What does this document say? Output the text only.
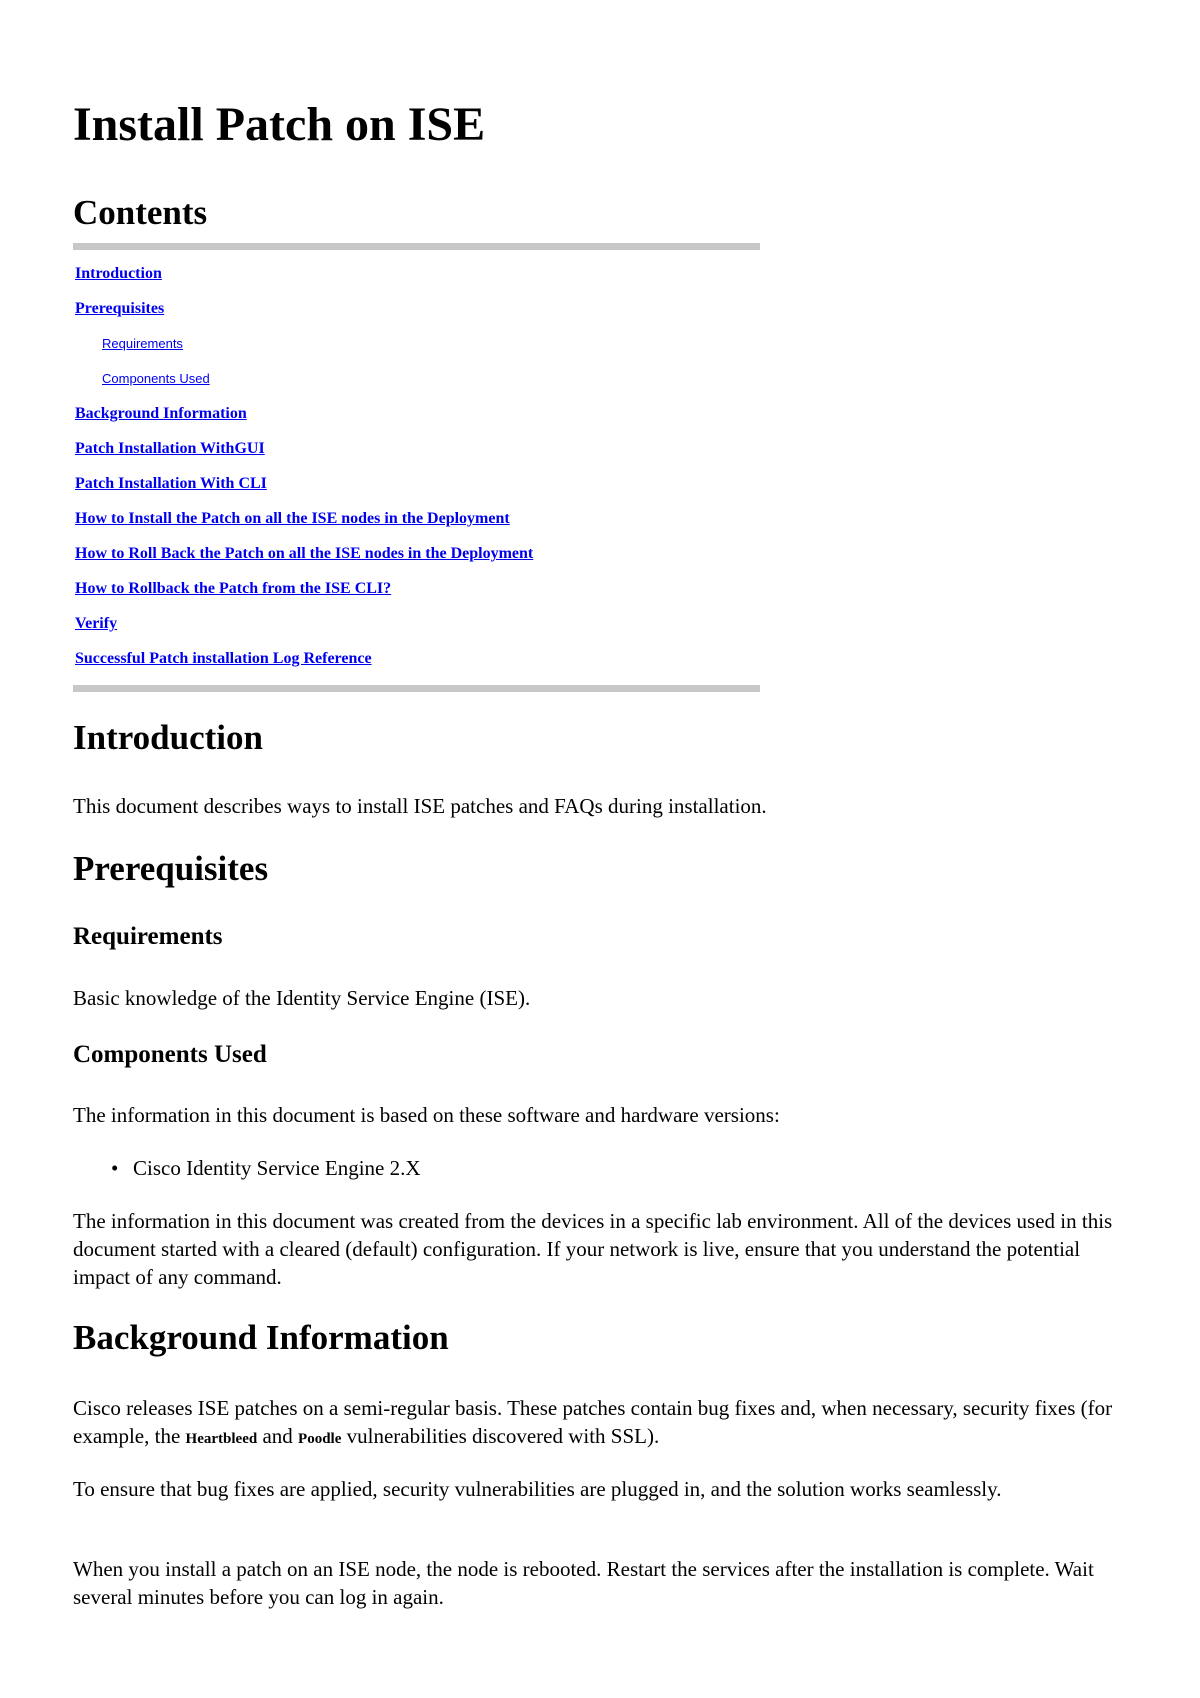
Install Patch on ISE
Contents
Introduction
Prerequisites
Requirements
Components Used
Background Information
Patch Installation WithGUI
Patch Installation With CLI
How to Install the Patch on all the ISE nodes in the Deployment
How to Roll Back the Patch on all the ISE nodes in the Deployment
How to Rollback the Patch from the ISE CLI?
Verify
Successful Patch installation Log Reference
Introduction

This document describes ways to install ISE patches and FAQs during installation.

Prerequisites
Requirements

Basic knowledge of the Identity Service Engine (ISE).

Components Used

The information in this document is based on these software and hardware versions:

• Cisco Identity Service Engine 2.X

The information in this document was created from the devices in a specific lab environment. All of the devices used in this document started with a cleared (default) configuration. If your network is live, ensure that you understand the potential impact of any command.

Background Information

Cisco releases ISE patches on a semi-regular basis. These patches contain bug fixes and, when necessary, security fixes (for example, the Heartbleed and Poodle vulnerabilities discovered with SSL).

To ensure that bug fixes are applied, security vulnerabilities are plugged in, and the solution works seamlessly.

When you install a patch on an ISE node, the node is rebooted. Restart the services after the installation is complete. Wait several minutes before you can log in again.
